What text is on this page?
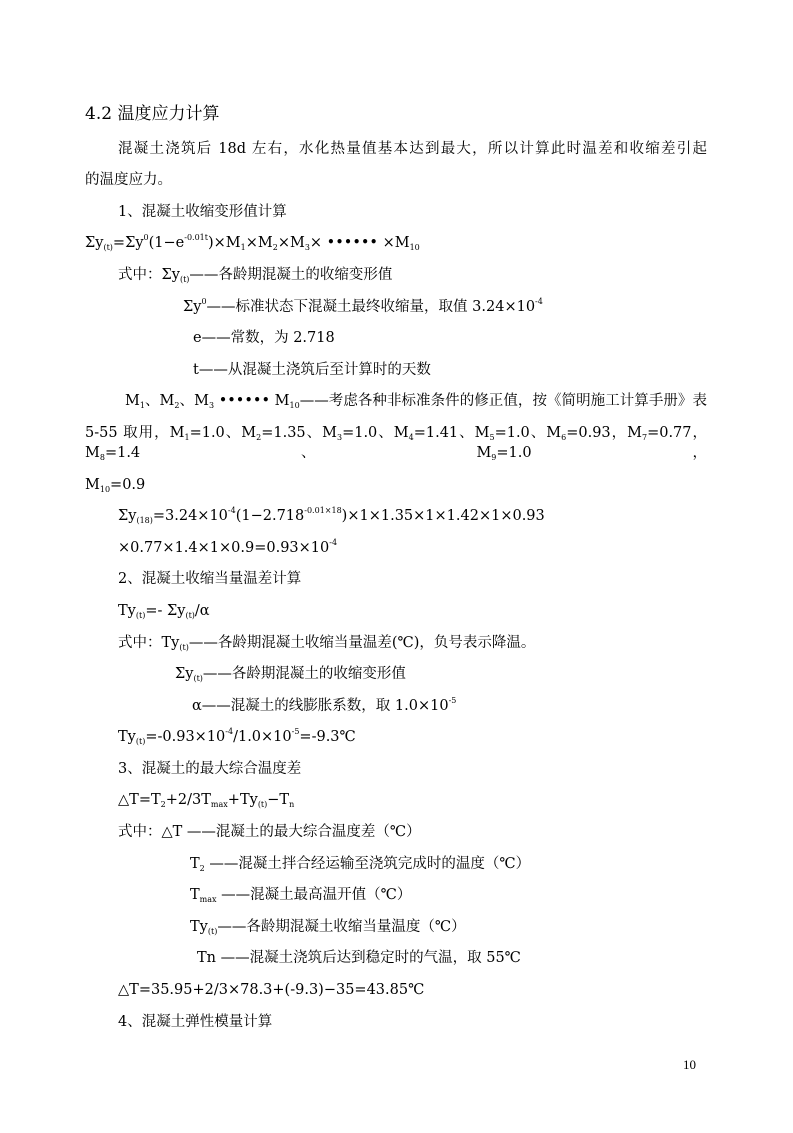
4.2 温度应力计算
混凝土浇筑后 18d 左右，水化热量值基本达到最大，所以计算此时温差和收缩差引起
的温度应力。
1、混凝土收缩变形值计算
$\Sigma y_{(t)}=\Sigma y^0(1-e^{-0.01t})\times M_1\times M_2\times M_3\times$ •••••• $\times M_{10}$
式中：$\Sigma y_{(t)}——$各龄期混凝土的收缩变形值
$\Sigma y^0——$标准状态下混凝土最终收缩量，取值 $3.24\times 10^{-4}$
e——常数，为 2.718
t——从混凝土浇筑后至计算时的天数
$M_1$、$M_2$、$M_3$ •••••• $M_{10}——$考虑各种非标准条件的修正值，按《简明施工计算手册》表
5-55 取用，$M_1=1.0$、$M_2=1.35$、$M_3=1.0$、$M_4=1.41$、$M_5=1.0$、$M_6=0.93$，$M_7=0.77$，$M_8=1.4$、$M_9=1.0$，
$M_{10}=0.9$
$\Sigma y_{(18)}=3.24\times 10^{-4}(1-2.718^{-0.01\times 18})\times 1\times 1.35\times 1\times 1.42\times 1\times 0.93$
$\times 0.77\times 1.4\times 1\times 0.9=0.93\times 10^{-4}$
2、混凝土收缩当量温差计算
$Ty_{(t)}=-$ $\Sigma y_{(t)}/\alpha$
式中：$Ty_{(t)}——$各龄期混凝土收缩当量温差(℃)，负号表示降温。
$\Sigma y_{(t)}——$各龄期混凝土的收缩变形值
α——混凝土的线膨胀系数，取 $1.0\times 10^{-5}$
$Ty_{(t)}=-0.93\times 10^{-4}/1.0\times 10^{-5}=-9.3℃$
3、混凝土的最大综合温度差
$\triangle T=T_2+2/3T_{max}+Ty_{(t)}-T_n$
式中：△T ——混凝土的最大综合温度差（℃）
$T_2$ ——混凝土拌合经运输至浇筑完成时的温度（℃）
$T_{max}$ ——混凝土最高温开值（℃）
$Ty_{(t)}——$各龄期混凝土收缩当量温度（℃）
Tn ——混凝土浇筑后达到稳定时的气温，取 55℃
△T=35.95+2/3×78.3+(-9.3)−35=43.85℃
4、混凝土弹性模量计算
10
